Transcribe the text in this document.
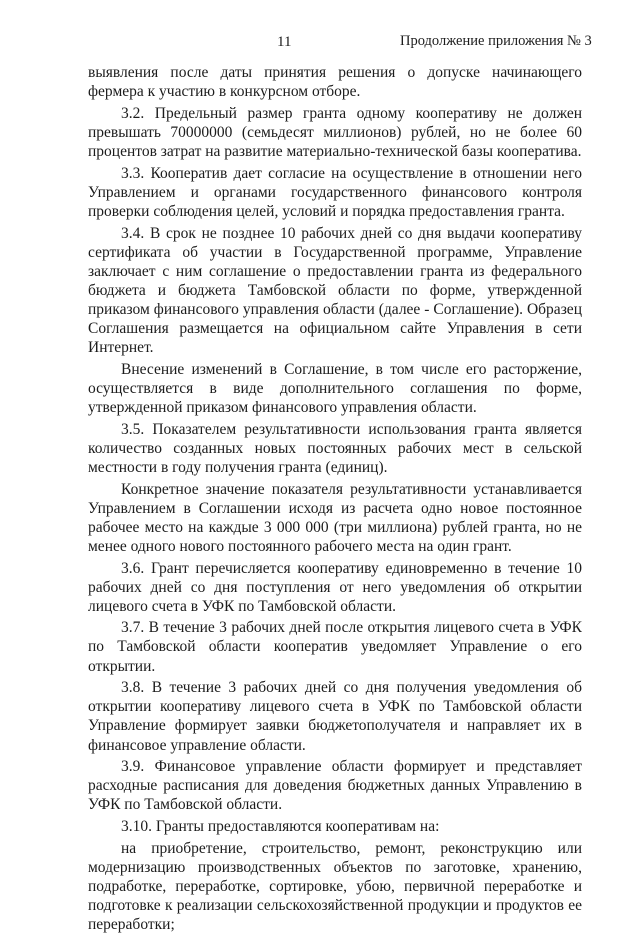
11	Продолжение приложения № 3

выявления после даты принятия решения о допуске начинающего фермера к участию в конкурсном отборе.

3.2. Предельный размер гранта одному кооперативу не должен превышать 70000000 (семьдесят миллионов) рублей, но не более 60 процентов затрат на развитие материально-технической базы кооператива.

3.3. Кооператив дает согласие на осуществление в отношении него Управлением и органами государственного финансового контроля проверки соблюдения целей, условий и порядка предоставления гранта.

3.4. В срок не позднее 10 рабочих дней со дня выдачи кооперативу сертификата об участии в Государственной программе, Управление заключает с ним соглашение о предоставлении гранта из федерального бюджета и бюджета Тамбовской области по форме, утвержденной приказом финансового управления области (далее - Соглашение). Образец Соглашения размещается на официальном сайте Управления в сети Интернет.

Внесение изменений в Соглашение, в том числе его расторжение, осуществляется в виде дополнительного соглашения по форме, утвержденной приказом финансового управления области.

3.5. Показателем результативности использования гранта является количество созданных новых постоянных рабочих мест в сельской местности в году получения гранта (единиц).

Конкретное значение показателя результативности устанавливается Управлением в Соглашении исходя из расчета одно новое постоянное рабочее место на каждые 3 000 000 (три миллиона) рублей гранта, но не менее одного нового постоянного рабочего места на один грант.

3.6. Грант перечисляется кооперативу единовременно в течение 10 рабочих дней со дня поступления от него уведомления об открытии лицевого счета в УФК по Тамбовской области.

3.7. В течение 3 рабочих дней после открытия лицевого счета в УФК по Тамбовской области кооператив уведомляет Управление о его открытии.

3.8. В течение 3 рабочих дней со дня получения уведомления об открытии кооперативу лицевого счета в УФК по Тамбовской области Управление формирует заявки бюджетополучателя и направляет их в финансовое управление области.

3.9. Финансовое управление области формирует и представляет расходные расписания для доведения бюджетных данных Управлению в УФК по Тамбовской области.

3.10. Гранты предоставляются кооперативам на:

на приобретение, строительство, ремонт, реконструкцию или модернизацию производственных объектов по заготовке, хранению, подработке, переработке, сортировке, убою, первичной переработке и подготовке к реализации сельскохозяйственной продукции и продуктов ее переработки;
